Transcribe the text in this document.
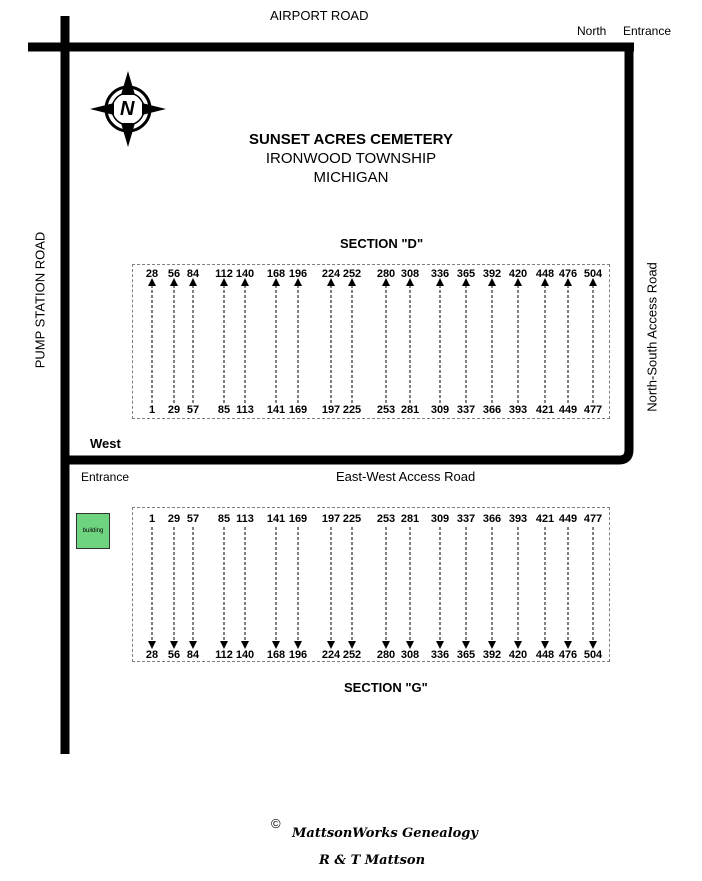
N
AIRPORT ROAD
North Entrance
PUMP STATION ROAD	North-South Access Road
West
Entrance	East-West Access Road
SUNSET ACRES CEMETERY
IRONWOOD TOWNSHIP
MICHIGAN
SECTION "D"
SECTION "G"
28 56 84 112 140 168 196 224 252 280 308 336 365 392 420 448 476 504
1 29 57 85 113 141 169 197 225 253 281 309 337 366 393 421 449 477
1 29 57 85 113 141 169 197 225 253 281 309 337 366 393 421 449 477
28 56 84 112 140 168 196 224 252 280 308 336 365 392 420 448 476 504
building
©
MattsonWorks Genealogy
R & T Mattson
